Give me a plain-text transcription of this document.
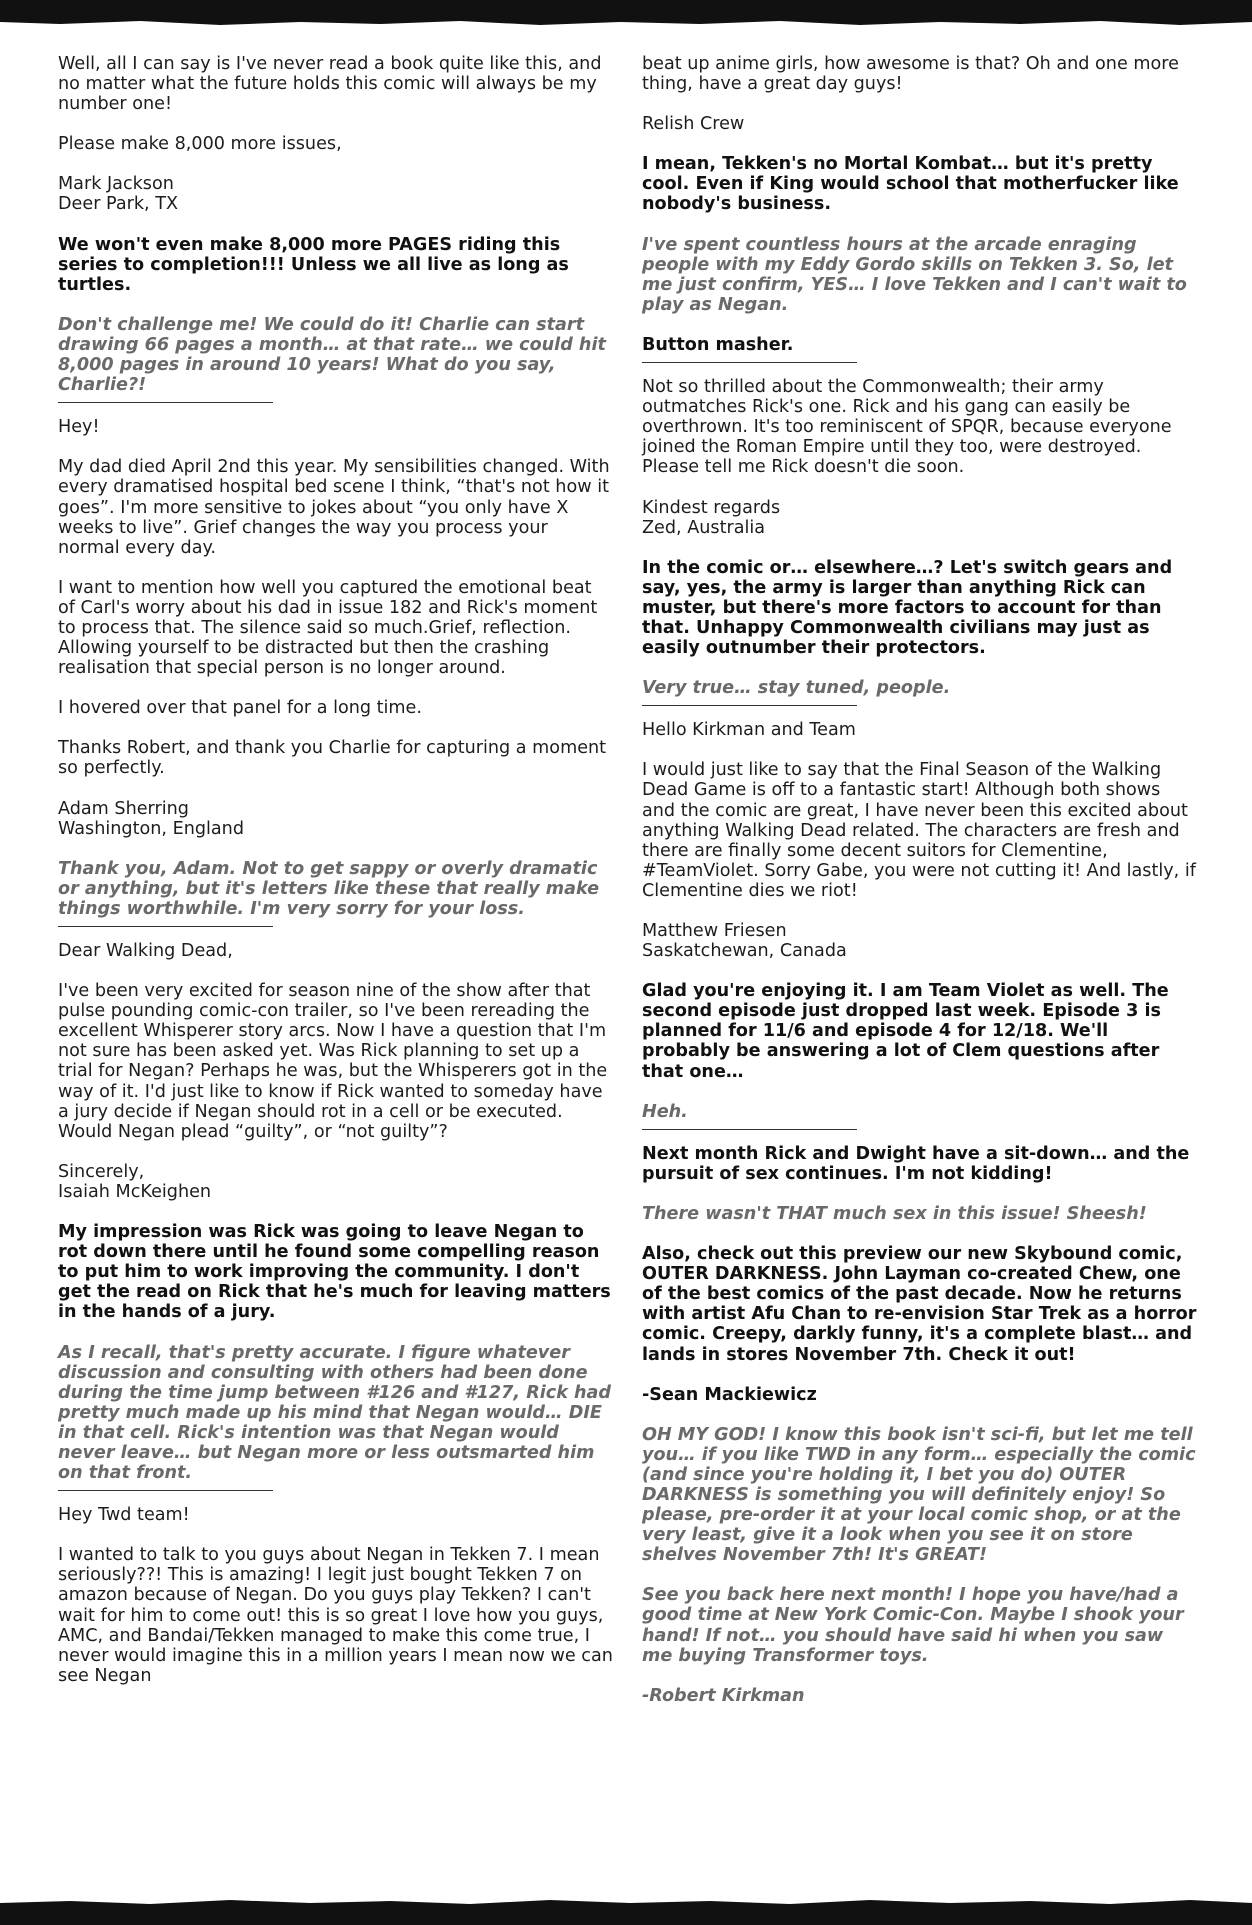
Well, all I can say is I've never read a book quite like this, and no matter what the future holds this comic will always be my number one!

Please make 8,000 more issues,

Mark Jackson
Deer Park, TX

We won't even make 8,000 more PAGES riding this series to completion!!! Unless we all live as long as turtles.

Don't challenge me! We could do it! Charlie can start drawing 66 pages a month… at that rate… we could hit 8,000 pages in around 10 years! What do you say, Charlie?!

Hey!

My dad died April 2nd this year. My sensibilities changed. With every dramatised hospital bed scene I think, “that's not how it goes”. I'm more sensitive to jokes about “you only have X weeks to live”. Grief changes the way you process your normal every day.

I want to mention how well you captured the emotional beat of Carl's worry about his dad in issue 182 and Rick's moment to process that. The silence said so much.Grief, reflection. Allowing yourself to be distracted but then the crashing realisation that special person is no longer around.

I hovered over that panel for a long time.

Thanks Robert, and thank you Charlie for capturing a moment so perfectly.

Adam Sherring
Washington, England

Thank you, Adam. Not to get sappy or overly dramatic or anything, but it's letters like these that really make things worthwhile. I'm very sorry for your loss.

Dear Walking Dead,

I've been very excited for season nine of the show after that pulse pounding comic-con trailer, so I've been rereading the excellent Whisperer story arcs. Now I have a question that I'm not sure has been asked yet. Was Rick planning to set up a trial for Negan? Perhaps he was, but the Whisperers got in the way of it. I'd just like to know if Rick wanted to someday have a jury decide if Negan should rot in a cell or be executed. Would Negan plead “guilty”, or “not guilty”?

Sincerely,
Isaiah McKeighen

My impression was Rick was going to leave Negan to rot down there until he found some compelling reason to put him to work improving the community. I don't get the read on Rick that he's much for leaving matters in the hands of a jury.

As I recall, that's pretty accurate. I figure whatever discussion and consulting with others had been done during the time jump between #126 and #127, Rick had pretty much made up his mind that Negan would… DIE in that cell. Rick's intention was that Negan would never leave… but Negan more or less outsmarted him on that front.

Hey Twd team!

I wanted to talk to you guys about Negan in Tekken 7. I mean seriously??! This is amazing! I legit just bought Tekken 7 on amazon because of Negan. Do you guys play Tekken? I can't wait for him to come out! this is so great I love how you guys, AMC, and Bandai/Tekken managed to make this come true, I never would imagine this in a million years I mean now we can see Negan

beat up anime girls, how awesome is that? Oh and one more thing, have a great day guys!

Relish Crew

I mean, Tekken's no Mortal Kombat… but it's pretty cool. Even if King would school that motherfucker like nobody's business.

I've spent countless hours at the arcade enraging people with my Eddy Gordo skills on Tekken 3. So, let me just confirm, YES… I love Tekken and I can't wait to play as Negan.

Button masher.

Not so thrilled about the Commonwealth; their army outmatches Rick's one. Rick and his gang can easily be overthrown. It's too reminiscent of SPQR, because everyone joined the Roman Empire until they too, were destroyed. Please tell me Rick doesn't die soon.

Kindest regards
Zed, Australia

In the comic or… elsewhere…? Let's switch gears and say, yes, the army is larger than anything Rick can muster, but there's more factors to account for than that. Unhappy Commonwealth civilians may just as easily outnumber their protectors.

Very true… stay tuned, people.

Hello Kirkman and Team

I would just like to say that the Final Season of the Walking Dead Game is off to a fantastic start! Although both shows and the comic are great, I have never been this excited about anything Walking Dead related. The characters are fresh and there are finally some decent suitors for Clementine, #TeamViolet. Sorry Gabe, you were not cutting it! And lastly, if Clementine dies we riot!

Matthew Friesen
Saskatchewan, Canada

Glad you're enjoying it. I am Team Violet as well. The second episode just dropped last week. Episode 3 is planned for 11/6 and episode 4 for 12/18. We'll probably be answering a lot of Clem questions after that one…

Heh.

Next month Rick and Dwight have a sit-down… and the pursuit of sex continues. I'm not kidding!

There wasn't THAT much sex in this issue! Sheesh!

Also, check out this preview our new Skybound comic, OUTER DARKNESS. John Layman co-created Chew, one of the best comics of the past decade. Now he returns with artist Afu Chan to re-envision Star Trek as a horror comic. Creepy, darkly funny, it's a complete blast… and lands in stores November 7th. Check it out!

-Sean Mackiewicz

OH MY GOD! I know this book isn't sci-fi, but let me tell you… if you like TWD in any form… especially the comic (and since you're holding it, I bet you do) OUTER DARKNESS is something you will definitely enjoy! So please, pre-order it at your local comic shop, or at the very least, give it a look when you see it on store shelves November 7th! It's GREAT!

See you back here next month! I hope you have/had a good time at New York Comic-Con. Maybe I shook your hand! If not… you should have said hi when you saw me buying Transformer toys.

-Robert Kirkman
